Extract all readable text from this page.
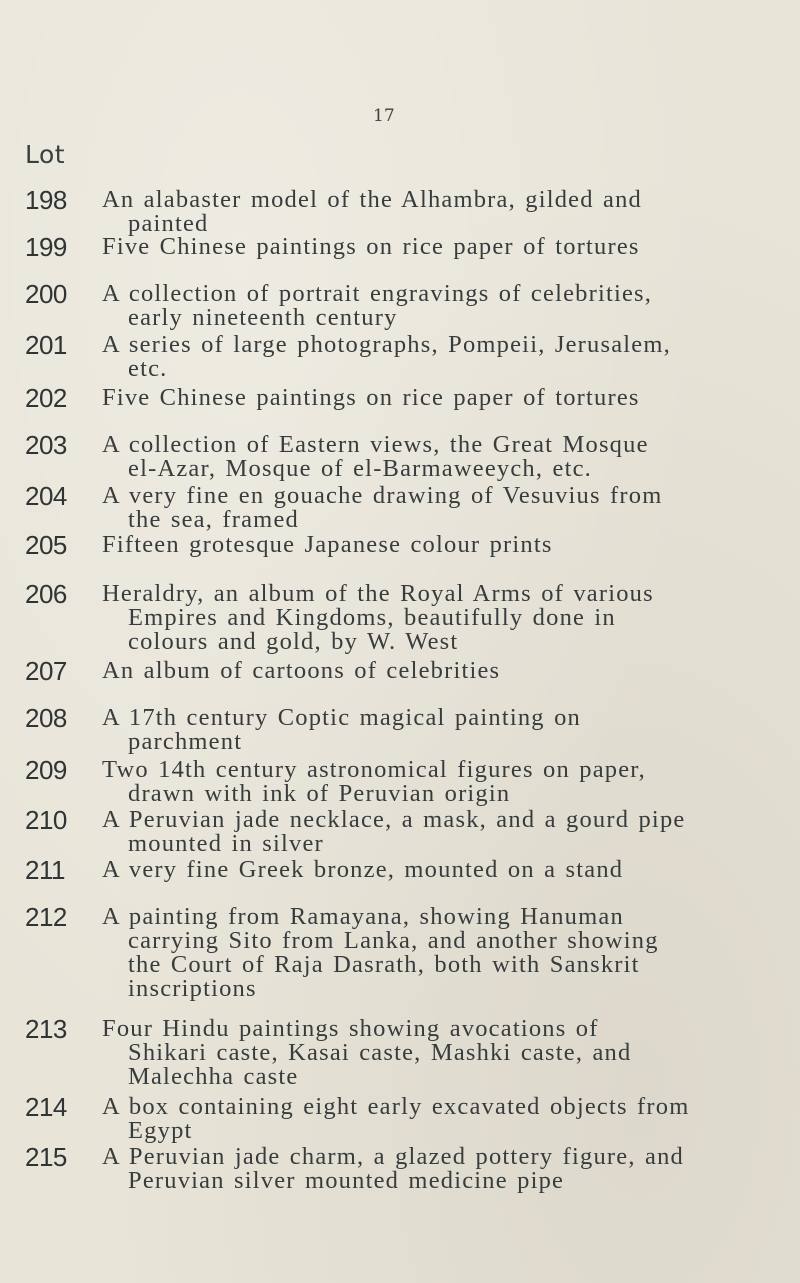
17
Lot
198 An alabaster model of the Alhambra, gilded and
painted
199 Five Chinese paintings on rice paper of tortures
200 A collection of portrait engravings of celebrities,
early nineteenth century
201 A series of large photographs, Pompeii, Jerusalem,
etc.
202 Five Chinese paintings on rice paper of tortures
203 A collection of Eastern views, the Great Mosque
el-Azar, Mosque of el-Barmaweeych, etc.
204 A very fine en gouache drawing of Vesuvius from
the sea, framed
205 Fifteen grotesque Japanese colour prints
206 Heraldry, an album of the Royal Arms of various
Empires and Kingdoms, beautifully done in
colours and gold, by W. West
207 An album of cartoons of celebrities
208 A 17th century Coptic magical painting on
parchment
209 Two 14th century astronomical figures on paper,
drawn with ink of Peruvian origin
210 A Peruvian jade necklace, a mask, and a gourd pipe
mounted in silver
211 A very fine Greek bronze, mounted on a stand
212 A painting from Ramayana, showing Hanuman
carrying Sito from Lanka, and another showing
the Court of Raja Dasrath, both with Sanskrit
inscriptions
213 Four Hindu paintings showing avocations of
Shikari caste, Kasai caste, Mashki caste, and
Malechha caste
214 A box containing eight early excavated objects from
Egypt
215 A Peruvian jade charm, a glazed pottery figure, and
Peruvian silver mounted medicine pipe
